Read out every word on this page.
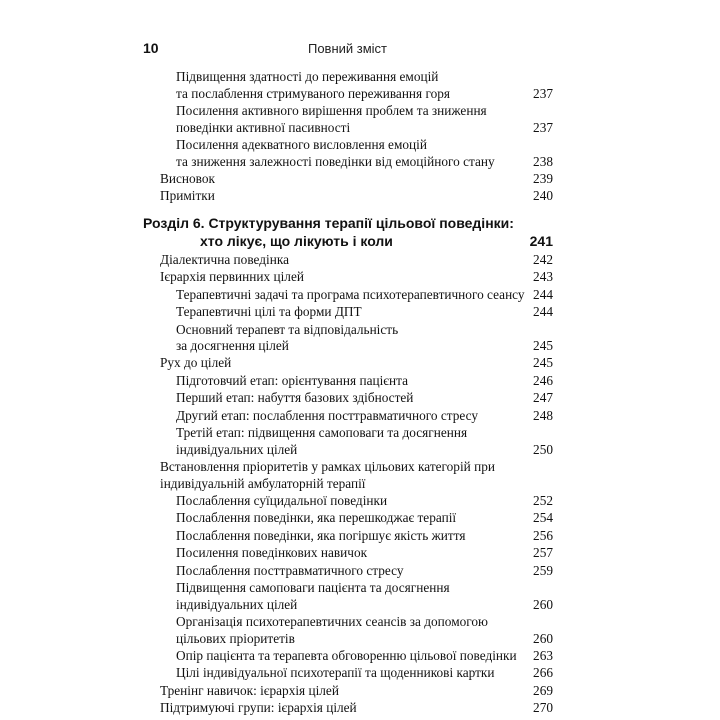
10	Повний зміст
Підвищення здатності до переживання емоцій
та послаблення стримуваного переживання горя	237
Посилення активного вирішення проблем та зниження
поведінки активної пасивності	237
Посилення адекватного висловлення емоцій
та зниження залежності поведінки від емоційного стану	238
Висновок	239
Примітки	240
Розділ 6. Структурування терапії цільової поведінки:
хто лікує, що лікують і коли	241
Діалектична поведінка	242
Ієрархія первинних цілей	243
Терапевтичні задачі та програма психотерапевтичного сеансу 244
Терапевтичні цілі та форми ДПТ	244
Основний терапевт та відповідальність
за досягнення цілей	245
Рух до цілей	245
Підготовчий етап: орієнтування пацієнта	246
Перший етап: набуття базових здібностей	247
Другий етап: послаблення посттравматичного стресу	248
Третій етап: підвищення самоповаги та досягнення
індивідуальних цілей	250
Встановлення пріоритетів у рамках цільових категорій при
індивідуальній амбулаторній терапії
Послаблення суїцидальної поведінки	252
Послаблення поведінки, яка перешкоджає терапії	254
Послаблення поведінки, яка погіршує якість життя	256
Посилення поведінкових навичок	257
Послаблення посттравматичного стресу	259
Підвищення самоповаги пацієнта та досягнення
індивідуальних цілей	260
Організація психотерапевтичних сеансів за допомогою
цільових пріоритетів	260
Опір пацієнта та терапевта обговоренню цільової поведінки 263
Цілі індивідуальної психотерапії та щоденникові картки	266
Тренінг навичок: ієрархія цілей	269
Підтримуючі групи: ієрархія цілей	270
